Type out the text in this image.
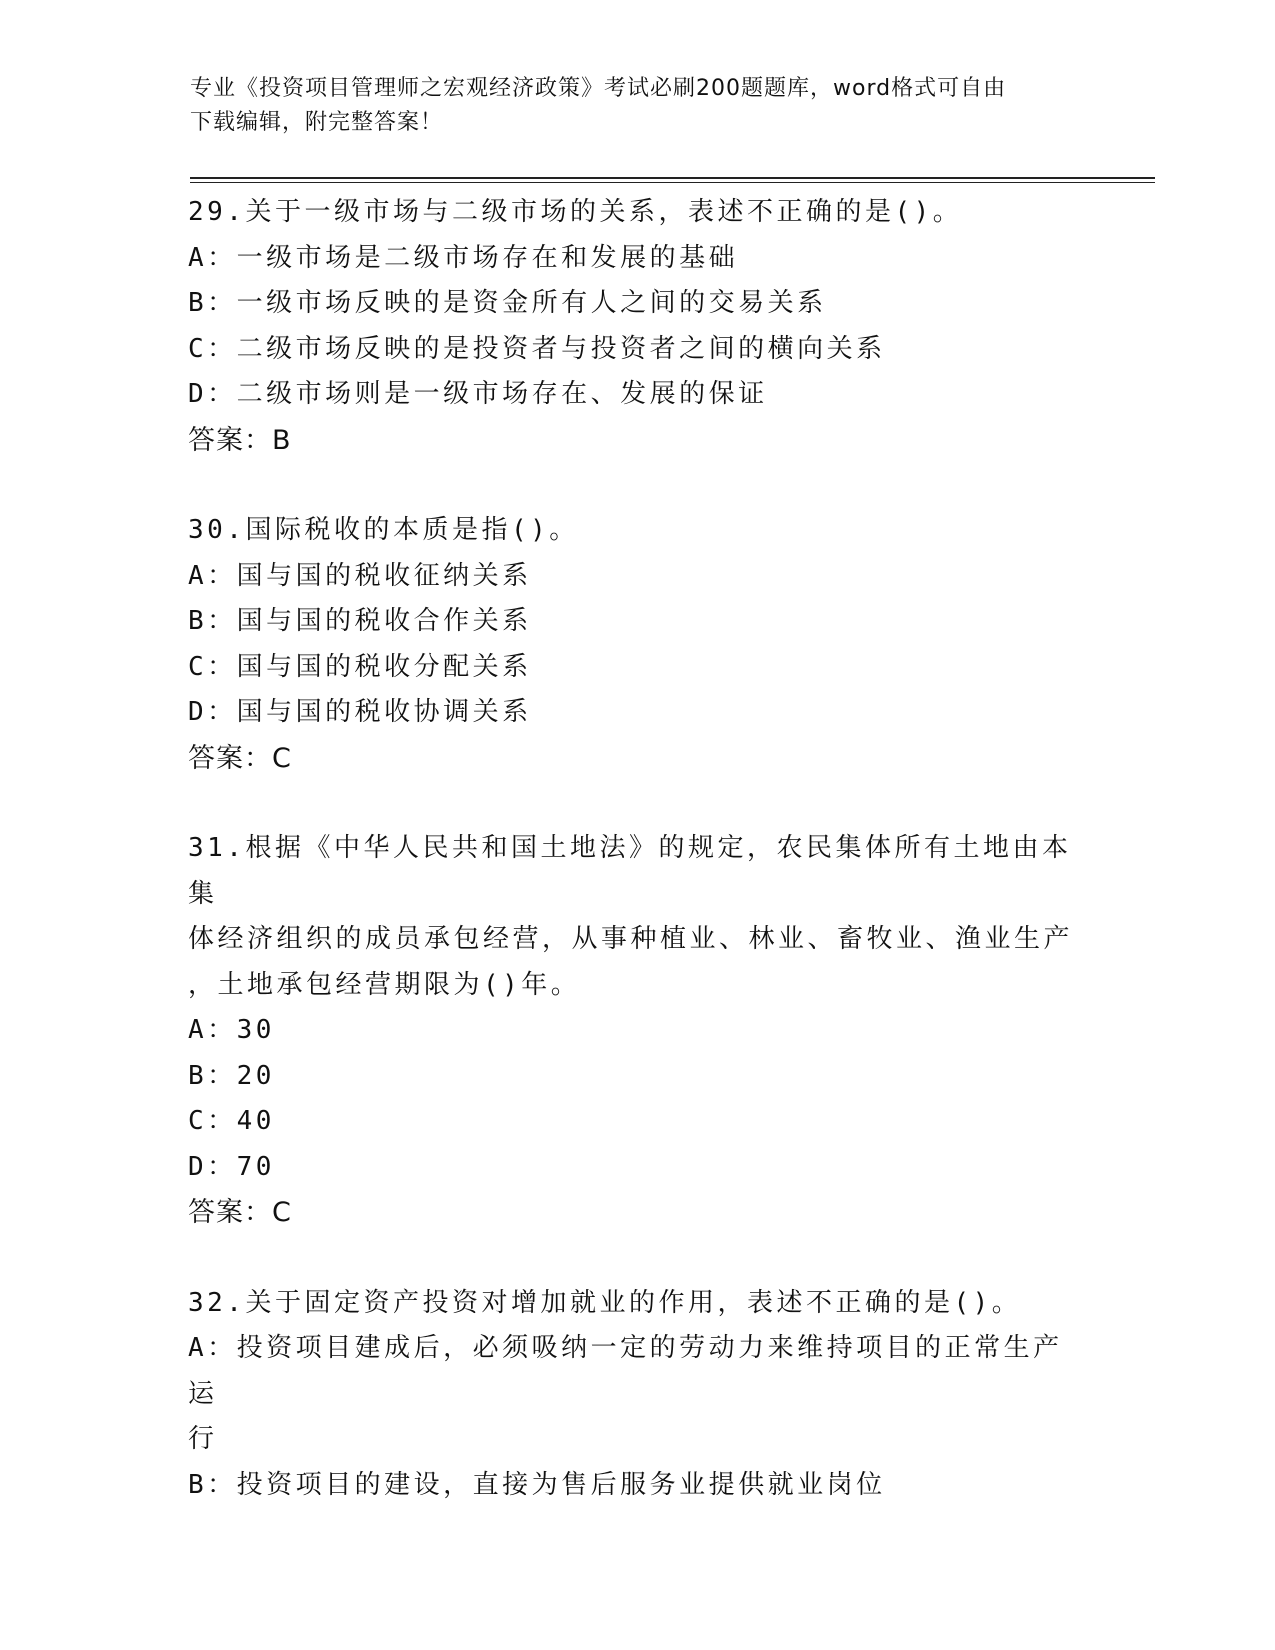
专业《投资项目管理师之宏观经济政策》考试必刷200题题库，word格式可自由
下载编辑，附完整答案！
29.关于一级市场与二级市场的关系，表述不正确的是()。
A：一级市场是二级市场存在和发展的基础
B：一级市场反映的是资金所有人之间的交易关系
C：二级市场反映的是投资者与投资者之间的横向关系
D：二级市场则是一级市场存在、发展的保证
答案：B
30.国际税收的本质是指()。
A：国与国的税收征纳关系
B：国与国的税收合作关系
C：国与国的税收分配关系
D：国与国的税收协调关系
答案：C
31.根据《中华人民共和国土地法》的规定，农民集体所有土地由本集
体经济组织的成员承包经营，从事种植业、林业、畜牧业、渔业生产
，土地承包经营期限为()年。
A：30
B：20
C：40
D：70
答案：C
32.关于固定资产投资对增加就业的作用，表述不正确的是()。
A：投资项目建成后，必须吸纳一定的劳动力来维持项目的正常生产运
行
B：投资项目的建设，直接为售后服务业提供就业岗位
